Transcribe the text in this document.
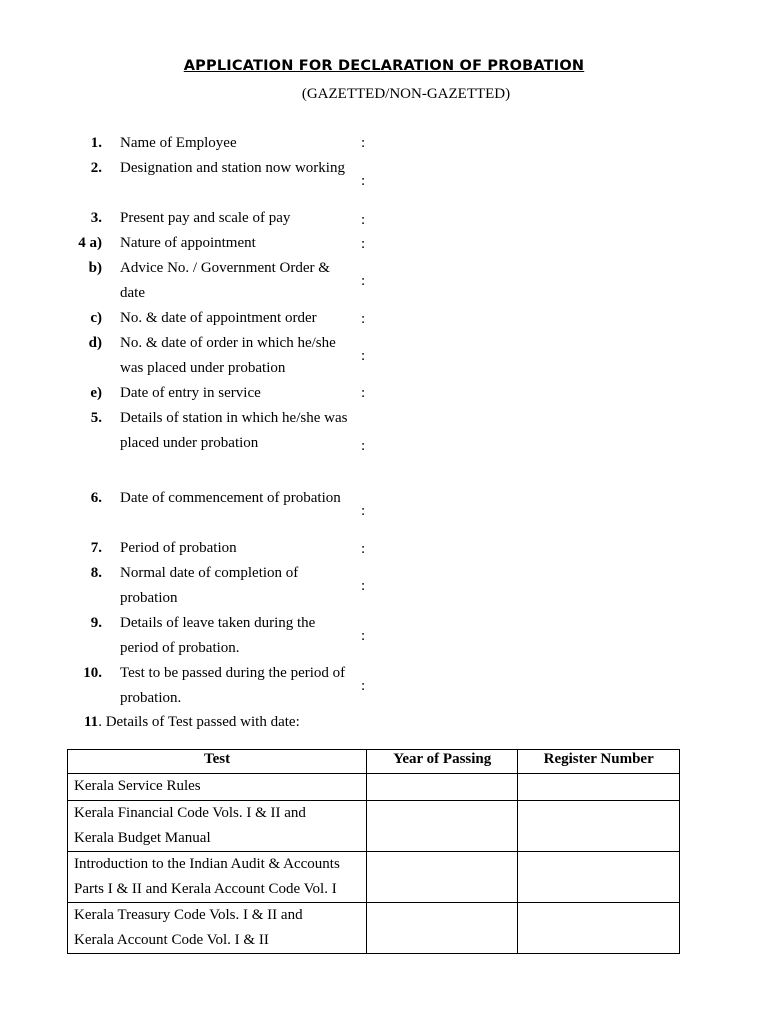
APPLICATION FOR DECLARATION OF PROBATION
(GAZETTED/NON-GAZETTED)
1. Name of Employee	:
2. Designation and station now working
:
3. Present pay and scale of pay	:
4 a) Nature of appointment	:
b) Advice No. / Government Order & date
:
c) No. & date of appointment order	:
d) No. & date of order in which he/she was placed under probation
:
e) Date of entry in service	:
5. Details of station in which he/she was placed under probation	:
6. Date of commencement of probation
:
7. Period of probation	:
8. Normal date of completion of probation
:
9. Details of leave taken during the period of probation.
:
10. Test to be passed during the period of probation.
:
11. Details of Test passed with date:
Test	Year of Passing	Register Number
Kerala Service Rules		
Kerala Financial Code Vols. I & II and Kerala Budget Manual		
Introduction to the Indian Audit & Accounts Parts I & II and Kerala Account Code Vol. I		
Kerala Treasury Code Vols. I & II and Kerala Account Code Vol. I & II		
